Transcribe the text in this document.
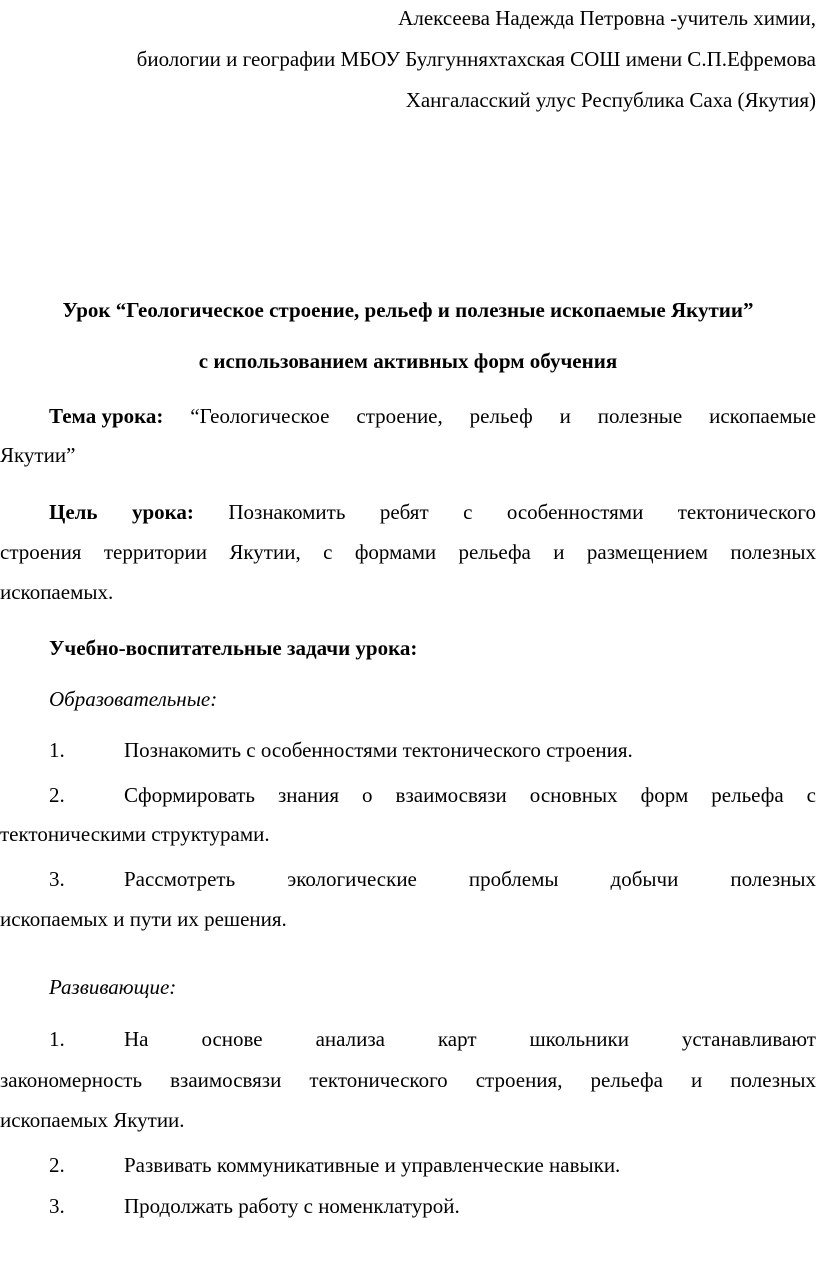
Алексеева Надежда Петровна -учитель химии,
биологии и географии МБОУ Булгунняхтахская СОШ имени С.П.Ефремова
Хангаласский улус Республика Саха (Якутия)
Урок “Геологическое строение, рельеф и полезные ископаемые Якутии”
с использованием активных форм обучения
Тема урока: “Геологическое строение, рельеф и полезные ископаемые
Якутии”
Цель урока: Познакомить ребят с особенностями тектонического
строения территории Якутии, с формами рельефа и размещением полезных
ископаемых.
Учебно-воспитательные задачи урока:
Образовательные:
1.	Познакомить с особенностями тектонического строения.
2.	Сформировать знания о взаимосвязи основных форм рельефа с
тектоническими структурами.
3.	Рассмотреть экологические проблемы добычи полезных
ископаемых и пути их решения.
Развивающие:
1.	На	основе	анализа	карт	школьники	устанавливают
закономерность взаимосвязи тектонического строения, рельефа и полезных
ископаемых Якутии.
2.	Развивать коммуникативные и управленческие навыки.
3.	Продолжать работу с номенклатурой.
